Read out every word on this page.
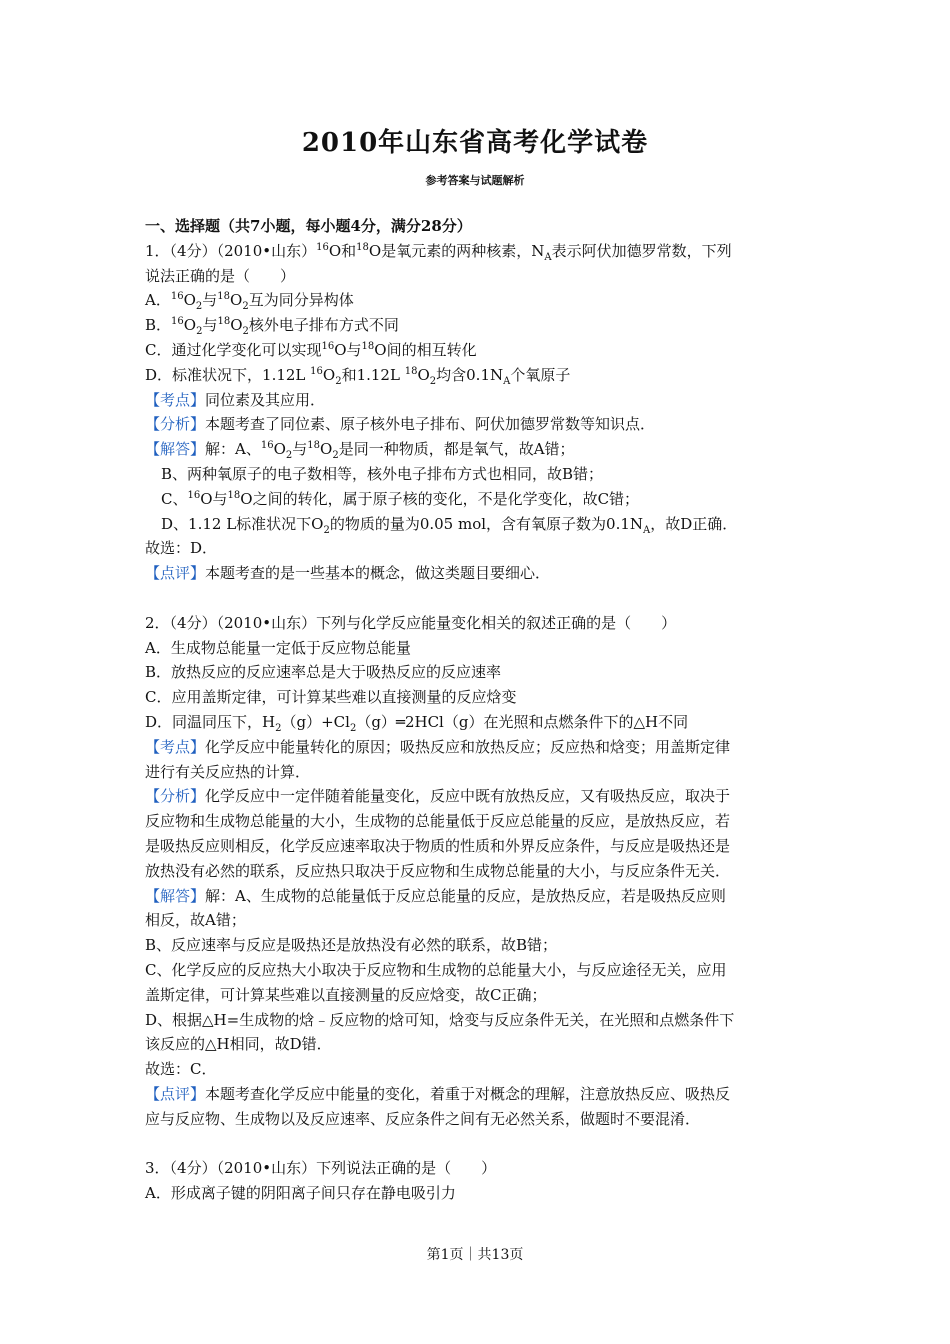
2010年山东省高考化学试卷
参考答案与试题解析

一、选择题（共7小题，每小题4分，满分28分）

1．（4分）（2010•山东）$^{16}$O和$^{18}$O是氧元素的两种核素，$N_A$表示阿伏加德罗常数，下列

说法正确的是（　　）

A．$^{16}O_2$与$^{18}O_2$互为同分异构体

B．$^{16}O_2$与$^{18}O_2$核外电子排布方式不同

C．通过化学变化可以实现$^{16}$O与$^{18}$O间的相互转化

D．标准状况下，1.12L $^{16}O_2$和1.12L $^{18}O_2$均含$0.1N_A$个氧原子

【考点】同位素及其应用．

【分析】本题考查了同位素、原子核外电子排布、阿伏加德罗常数等知识点．

【解答】解：A、$^{16}O_2$与$^{18}O_2$是同一种物质，都是氧气，故A错；

B、两种氧原子的电子数相等，核外电子排布方式也相同，故B错；

C、$^{16}$O与$^{18}$O之间的转化，属于原子核的变化，不是化学变化，故C错；

D、1.12 L标准状况下$O_2$的物质的量为0.05 mol，含有氧原子数为$0.1N_A$，故D正确．

故选：D．

【点评】本题考查的是一些基本的概念，做这类题目要细心．

2．（4分）（2010•山东）下列与化学反应能量变化相关的叙述正确的是（　　）

A．生成物总能量一定低于反应物总能量

B．放热反应的反应速率总是大于吸热反应的反应速率

C．应用盖斯定律，可计算某些难以直接测量的反应焓变

D．同温同压下，$H_2(g)+Cl_2(g)═2HCl(g)$在光照和点燃条件下的△H不同

【考点】化学反应中能量转化的原因；吸热反应和放热反应；反应热和焓变；用盖斯定律

进行有关反应热的计算．

【分析】化学反应中一定伴随着能量变化，反应中既有放热反应，又有吸热反应，取决于

反应物和生成物总能量的大小，生成物的总能量低于反应总能量的反应，是放热反应，若

是吸热反应则相反，化学反应速率取决于物质的性质和外界反应条件，与反应是吸热还是

放热没有必然的联系，反应热只取决于反应物和生成物总能量的大小，与反应条件无关．

【解答】解：A、生成物的总能量低于反应总能量的反应，是放热反应，若是吸热反应则

相反，故A错；

B、反应速率与反应是吸热还是放热没有必然的联系，故B错；

C、化学反应的反应热大小取决于反应物和生成物的总能量大小，与反应途径无关，应用

盖斯定律，可计算某些难以直接测量的反应焓变，故C正确；

D、根据△H=生成物的焓﹣反应物的焓可知，焓变与反应条件无关，在光照和点燃条件下

该反应的△H相同，故D错．

故选：C．

【点评】本题考查化学反应中能量的变化，着重于对概念的理解，注意放热反应、吸热反

应与反应物、生成物以及反应速率、反应条件之间有无必然关系，做题时不要混淆．

3．（4分）（2010•山东）下列说法正确的是（　　）

A．形成离子键的阴阳离子间只存在静电吸引力

第1页｜共13页
